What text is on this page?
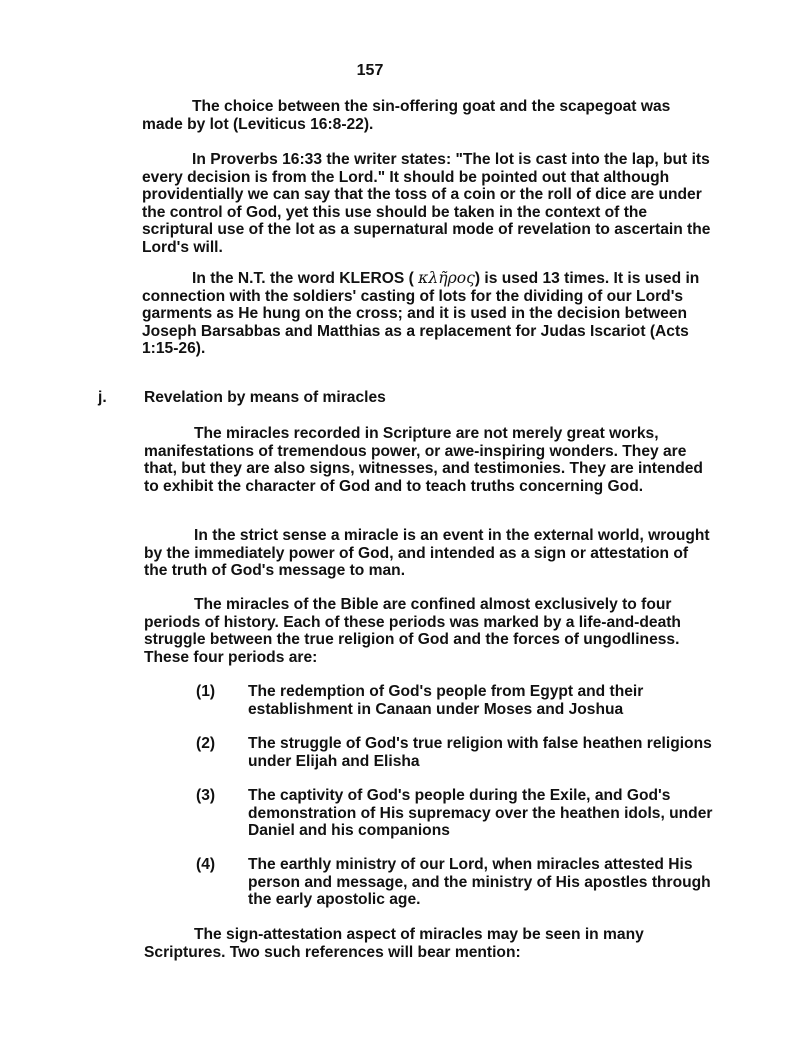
157
The choice between the sin-offering goat and the scapegoat was made by lot (Leviticus 16:8-22).
In Proverbs 16:33 the writer states: "The lot is cast into the lap, but its every decision is from the Lord." It should be pointed out that although providentially we can say that the toss of a coin or the roll of dice are under the control of God, yet this use should be taken in the context of the scriptural use of the lot as a supernatural mode of revelation to ascertain the Lord's will.
In the N.T. the word KLEROS ( κλῆρος) is used 13 times. It is used in connection with the soldiers' casting of lots for the dividing of our Lord's garments as He hung on the cross; and it is used in the decision between Joseph Barsabbas and Matthias as a replacement for Judas Iscariot (Acts 1:15-26).
j. Revelation by means of miracles
The miracles recorded in Scripture are not merely great works, manifestations of tremendous power, or awe-inspiring wonders. They are that, but they are also signs, witnesses, and testimonies. They are intended to exhibit the character of God and to teach truths concerning God.
In the strict sense a miracle is an event in the external world, wrought by the immediately power of God, and intended as a sign or attestation of the truth of God's message to man.
The miracles of the Bible are confined almost exclusively to four periods of history. Each of these periods was marked by a life-and-death struggle between the true religion of God and the forces of ungodliness. These four periods are:
(1) The redemption of God's people from Egypt and their establishment in Canaan under Moses and Joshua
(2) The struggle of God's true religion with false heathen religions under Elijah and Elisha
(3) The captivity of God's people during the Exile, and God's demonstration of His supremacy over the heathen idols, under Daniel and his companions
(4) The earthly ministry of our Lord, when miracles attested His person and message, and the ministry of His apostles through the early apostolic age.
The sign-attestation aspect of miracles may be seen in many Scriptures. Two such references will bear mention:
